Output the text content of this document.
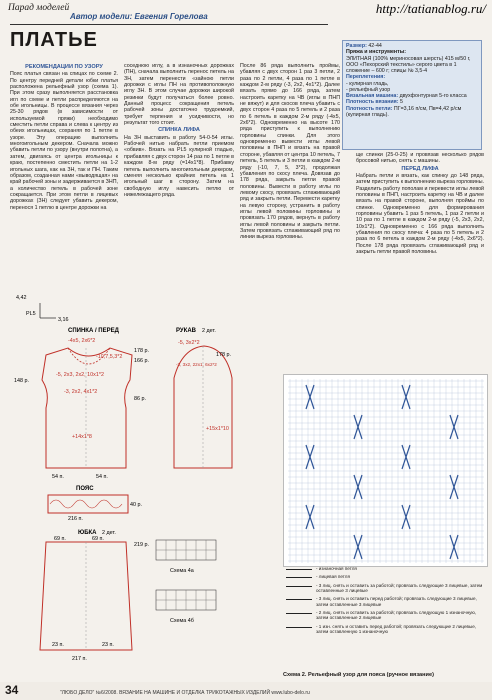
Парад моделей
Автор модели: Евгения Горелова
http://tatianablog.ru/
ПЛАТЬЕ
РЕКОМЕНДАЦИИ ПО УЗОРУ
Пояс платья связан на спицах по схеме 2. По центру передней детали юбки платья расположена рельефный узор (схема 1). При этом сразу выполняется расстановка игл по схеме и петли распределяются на обе игольницы. В процессе вязания через 25-30 рядов (в зависимости от используемой пряжи) необходимо сместить петли справа и слева к центру из обеих игольницах, сохраняя по 1 петле в узоре. Эту операцию выполнить многоигольным декером. Сначала можно убавить петли по узору (внутри полотна), а затем, двигаясь от центра игольницы к краю, постепенно сместить петли на 1-2 игольных шага, как на ЗН, так и ПН. Таким образом, созданная нами «выводящая» на край рабочей зоны и задерживается в ЗНП, а количество петель в рабочей зоне сокращается. При этом петли в лицевых дорожках (ЗН) следует убавить декером, перенося 1 петлю в центре дорожки на
соседнюю иглу, а в изнаночных дорожках (ПН), сначала выполнить перенос петель на ЗН, затем перенести «зайною петли дорожки с иглы ПН на противоположную иглу ЗН. В этом случае дорожки широкой резинки будут получаться более ровно. Данный процесс сокращения петель рабочей зоны достаточно трудоемкий, требует терпения и усидчивости, но результат того стоит.
СПИНКА ЛИФА
На ЗН выставить в работу 54-0-54 иглы. Рабочей нитью набрать петли приемом «обвив». Вязать на PL5 кулирной гладью, прибавляя с двух сторон 14 раз по 1 петле в каждом 8-м ряду (=14x1*8). Прибавку петель выполнить многоигольным декером, сменяя несколько крайних петель на 1 игольный шаг в сторону. Затем на свободную иглу навесить петлю от нижележащего ряда.
После 86 ряда выполнить проймы, убавляя с двух сторон 1 раз 3 петли, 2 раза по 2 петли, 4 раза по 1 петле в каждом 2-м ряду (-3, 2x2, 4x1*2). Далее вязать прямо до 166 ряда, затем настроить каретку на ЧВ (иглы в ПНП не вяжут) и для скосов плеча убавить с двух сторон 4 раза по 5 петель и 2 раза по 6 петель в каждом 2-м ряду (-4x5, 2x6*2). Одновременно на высоте 170 ряда приступить к выполнению горловины спинки. Для этого одновременно вывести иглы левой половины в ПНП и вязать на правой стороне, убавляя от центра 10 петель, 7 петель, 5 петель и 3 петли в каждом 2-м ряду (-10, 7, 5, 3*2), продолжая убавления по скосу плеча. Довязав до 178 ряда, закрыть петли правой половины. Вывести в работу иглы по левому скосу, провязать сглаживающий ряд и закрыть петли. Перевести каретку на левую сторону, устранить в работу иглы левой половины горловины и провязать 170 рядов, вернуть в работу иглы левой половины и закрыть петли. Затем провязать сглаживающий ряд по линии выреза горловины.
Размер: 42-44
Пряжа и инструменты:
ЭЛИТНАЯ (100% мериносовая шерсть) 415 м/50 г, ООО «Пехорский текстиль» серого цвета в 1 сложение – 600 г; спицы № 3,5-4
Переплетения:
- кулирная гладь,
- рельефный узор
Вязальная машина: двухфонтурная 5-го класса
Плотность вязания: 5
Плотность петли: ПГ=3,16 п/см, Пв=4,42 р/см (кулирная гладь).
ще спинки (25-0-25) и провязав несколько рядов бросовой нитью, снять с машины.
ПЕРЕД ЛИФА
Набрать петли и вязать, как спинку до 148 ряда, затем приступить к выполнению выреза горловины. Разделить работу пополам и перевести иглы левой половины в ПНП, настроить каретку на ЧВ и далее вязать на правой стороне, выполняя проймы по спинке. Одновременно для формирования горловины убавить 1 раз 5 петель, 1 раз 2 петли и 10 раз по 1 петле в каждом 2-м ряду (-5, 2x3, 2x2, 10x1*2). Одновременно с 166 ряда выполнить убавления по скосу плеча: 4 раза по 5 петель и 2 раза по 6 петель в каждом 2-м ряду (-4x5, 2x6*2). После 178 ряда провязать сглаживающий ряд и закрыть петли правой половины.
4,42
PL5
3,16
СПИНКА / ПЕРЕД
-4x5, 2x6*2
-10,7,5,3*2
-5, 2x3, 2x2, 10x1*2
-3, 2x2, 4x1*2
+14x1*8
54 п.	54 п.
178 р.
166 р.
148 р.
86 р.
РУКАВ 2 дет.
-5, 3x2*2
-3, 3x2, 22x1, 6x2*2
+15x1*10
178 р.
ПОЯС
216 п.
40 р.
ЮБКА 2 дет.
69 п.	69 п.
219 р.
23 п.	23 п.
217 п.
Схема 4а
Схема 4б
- изнаночная петля
- лицевая петля
- 3 лиц. снять и оставить за работой; провязать следующие 3 лицевые, затем оставленные 3 лицевые
- 3 лиц. снять и оставить перед работой; провязать следующие 3 лицевые, затем оставленные 3 лицевые
- 2 лиц. снять и оставить за работой; провязать следующую 1 изнаночную, затем оставленные 2 лицевые
- 1 изн. снять и оставить перед работой; провязать следующие 2 лицевые, затем оставленную 1 изнаночную
Схема 2. Рельефный узор для пояса (ручное вязание)
34	"ЛЮБО ДЕЛО" №6/2008. ВЯЗАНИЕ НА МАШИНЕ И ОТДЕЛКА ТРИКОТАЖНЫХ ИЗДЕЛИЙ www.lubo-delo.ru
